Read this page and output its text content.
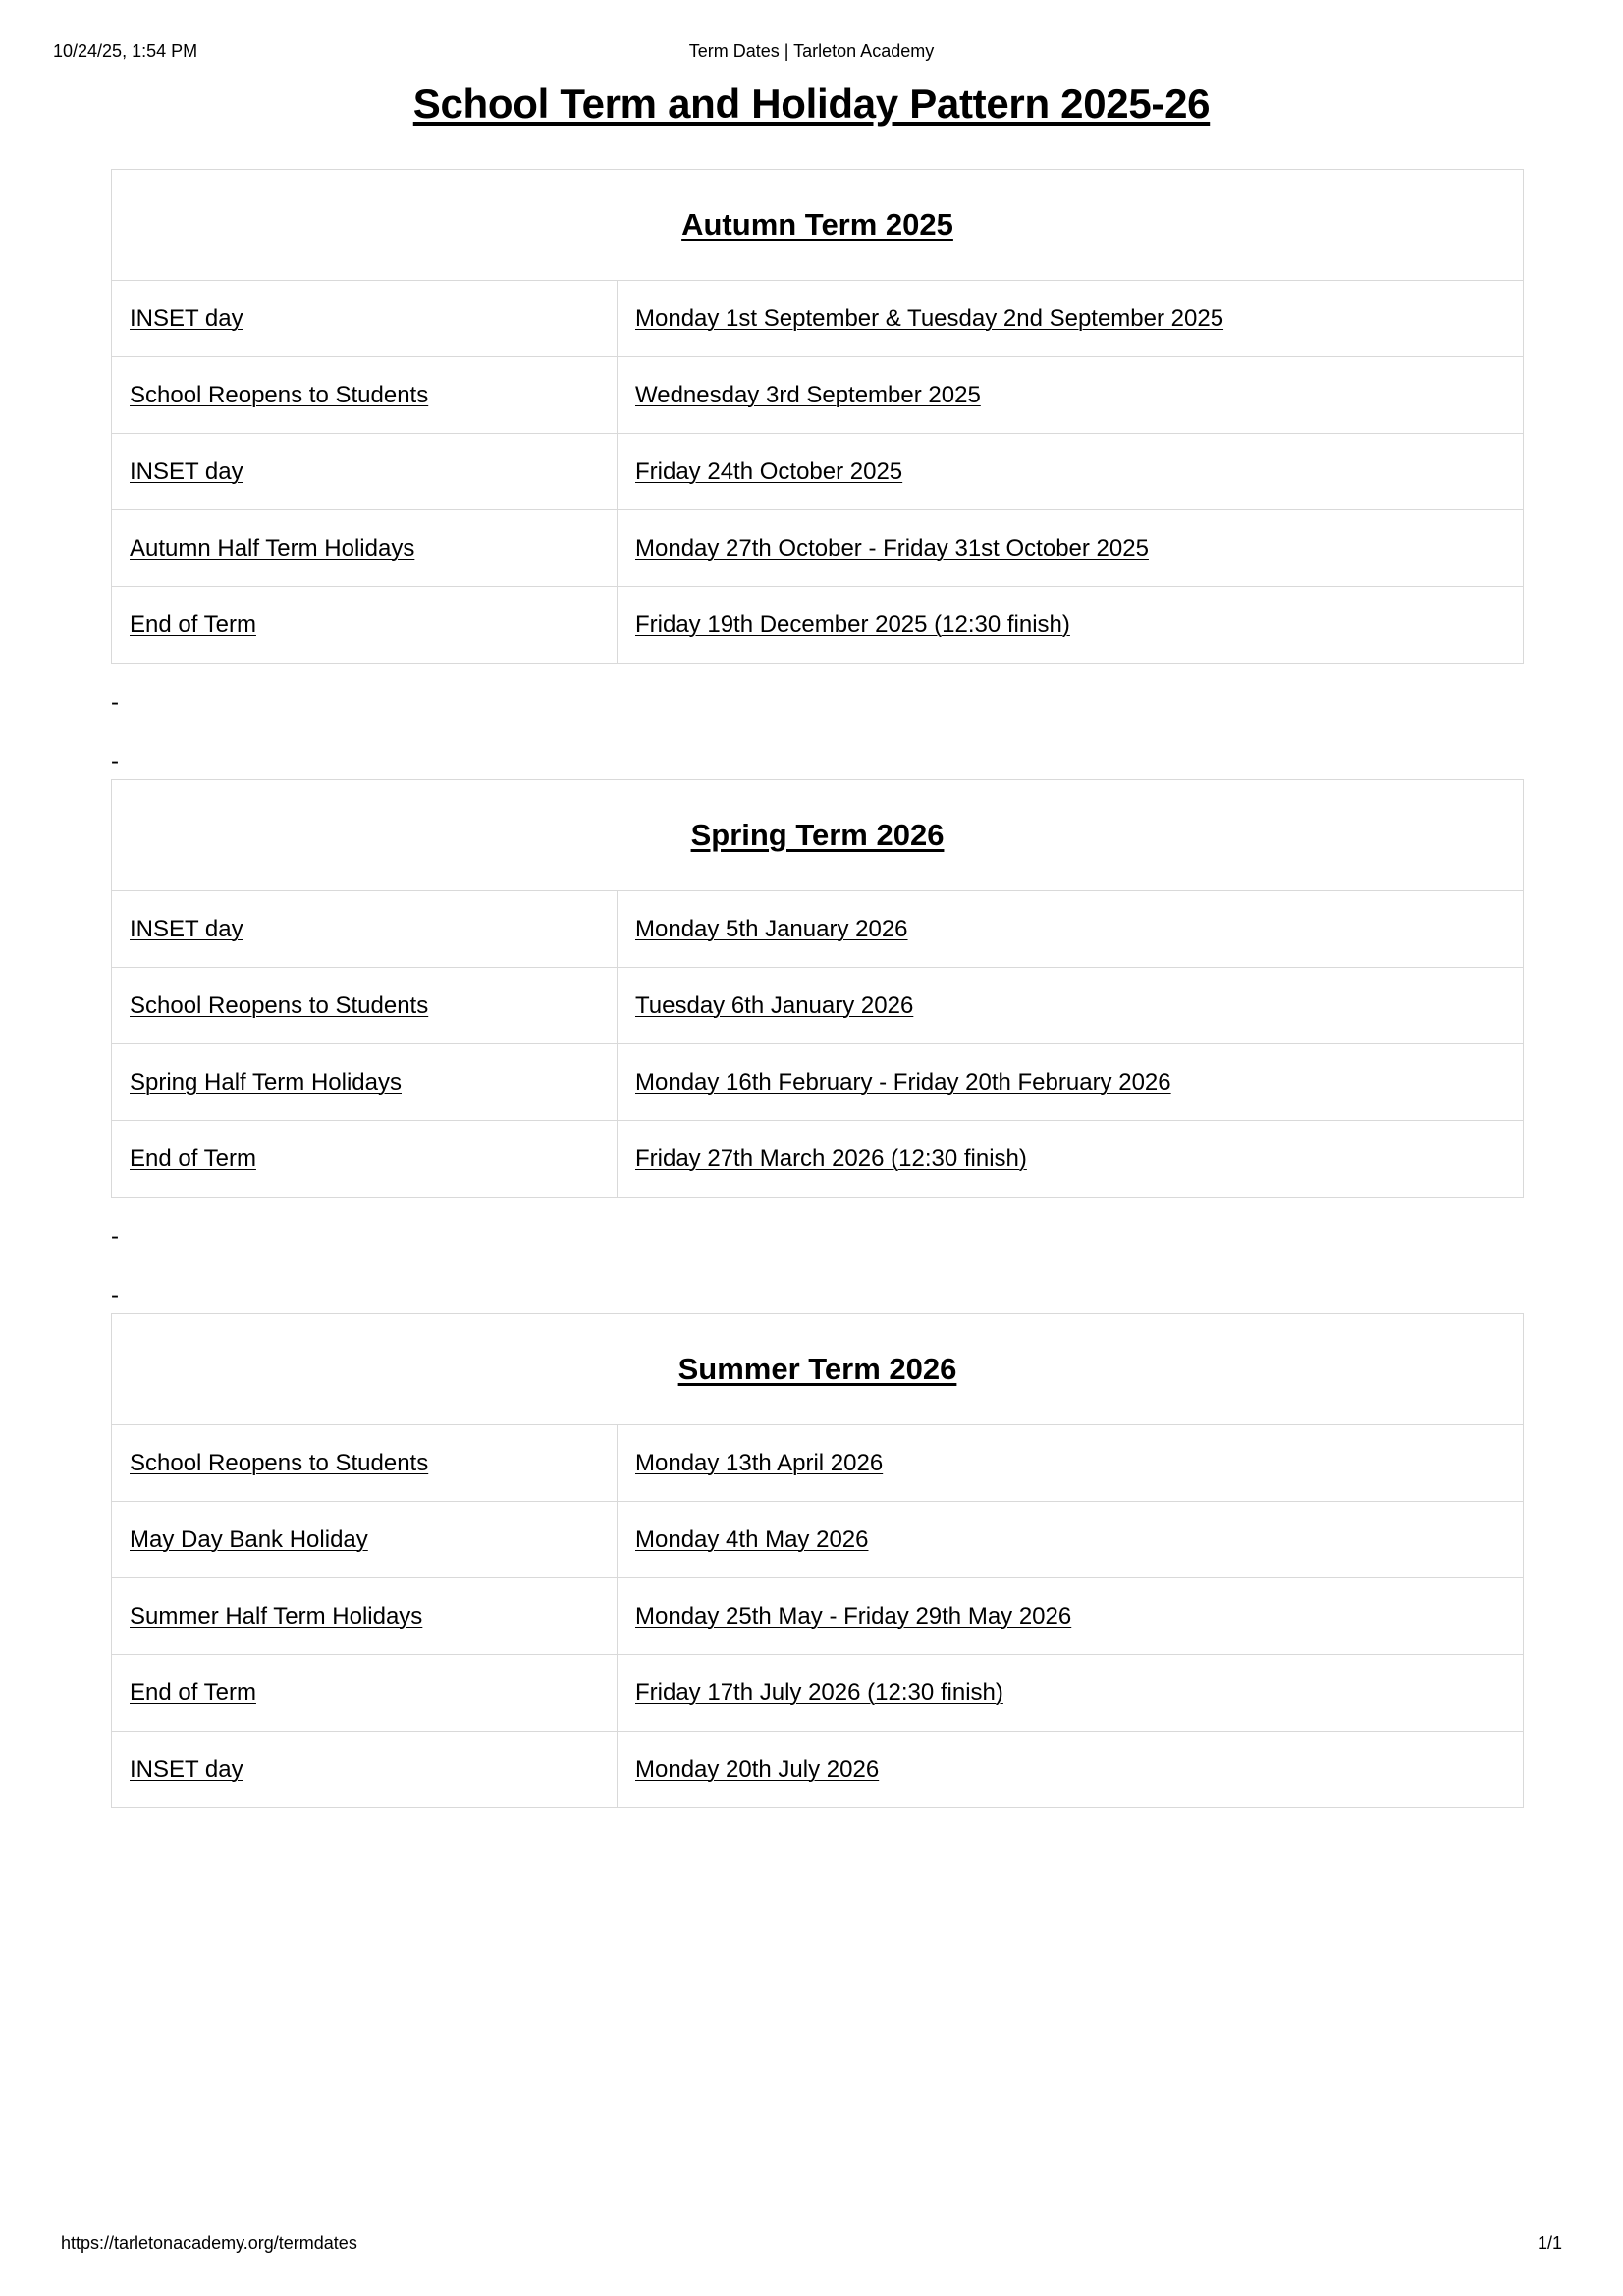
10/24/25, 1:54 PM	Term Dates | Tarleton Academy
School Term and Holiday Pattern 2025-26
Autumn Term 2025	

INSET day	Monday 1st September & Tuesday 2nd September 2025

School Reopens to Students	Wednesday 3rd September 2025

INSET day	Friday 24th October 2025

Autumn Half Term Holidays	Monday 27th October - Friday 31st October 2025

End of Term	Friday 19th December 2025 (12:30 finish)
-
-
Spring Term 2026	

INSET day	Monday 5th January 2026

School Reopens to Students	Tuesday 6th January 2026

Spring Half Term Holidays	Monday 16th February - Friday 20th February 2026

End of Term	Friday 27th March 2026 (12:30 finish)
-
-
Summer Term 2026	

School Reopens to Students	Monday 13th April 2026

May Day Bank Holiday	Monday 4th May 2026

Summer Half Term Holidays	Monday 25th May - Friday 29th May 2026

End of Term	Friday 17th July 2026 (12:30 finish)

INSET day	Monday 20th July 2026
https://tarletonacademy.org/termdates	1/1
